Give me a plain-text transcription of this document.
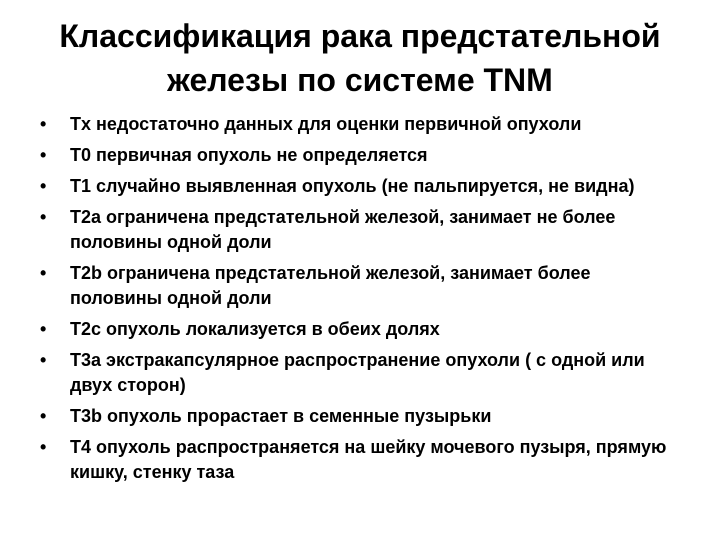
Классификация рака предстательной железы по системе TNM
• Tx недостаточно данных для оценки первичной опухоли
• T0 первичная опухоль не определяется
• T1 случайно выявленная опухоль (не пальпируется, не видна)
• T2a ограничена предстательной железой, занимает не более половины одной доли
• T2b ограничена предстательной железой, занимает более половины одной доли
• T2c опухоль локализуется в обеих долях
• T3a экстракапсулярное распространение опухоли ( с одной или двух сторон)
• T3b опухоль прорастает в семенные пузырьки
• T4 опухоль распространяется на шейку мочевого пузыря, прямую кишку, стенку таза
